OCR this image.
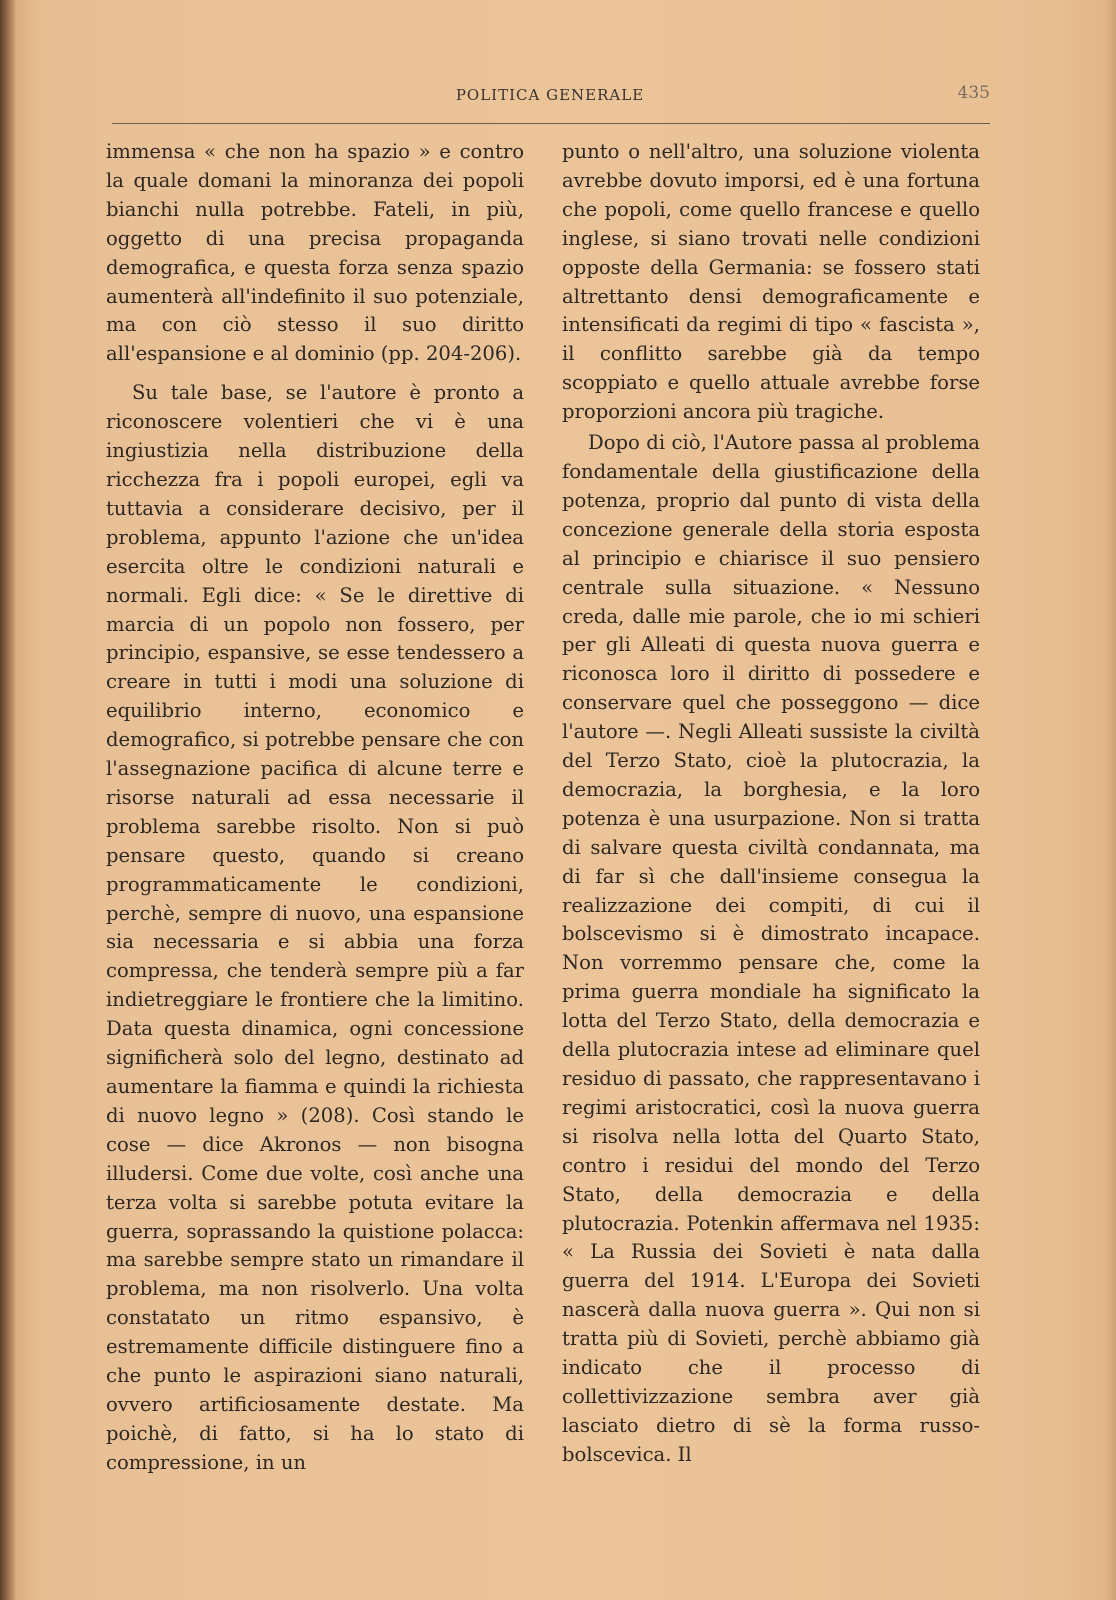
POLITICA GENERALE	435

immensa « che non ha spazio » e contro la quale domani la minoranza dei popoli bianchi nulla potrebbe. Fateli, in più, oggetto di una precisa propaganda demografica, e questa forza senza spazio aumenterà all'indefinito il suo potenziale, ma con ciò stesso il suo diritto all'espansione e al dominio (pp. 204-206).

Su tale base, se l'autore è pronto a riconoscere volentieri che vi è una ingiustizia nella distribuzione della ricchezza fra i popoli europei, egli va tuttavia a considerare decisivo, per il problema, appunto l'azione che un'idea esercita oltre le condizioni naturali e normali. Egli dice: « Se le direttive di marcia di un popolo non fossero, per principio, espansive, se esse tendessero a creare in tutti i modi una soluzione di equilibrio interno, economico e demografico, si potrebbe pensare che con l'assegnazione pacifica di alcune terre e risorse naturali ad essa necessarie il problema sarebbe risolto. Non si può pensare questo, quando si creano programmaticamente le condizioni, perchè, sempre di nuovo, una espansione sia necessaria e si abbia una forza compressa, che tenderà sempre più a far indietreggiare le frontiere che la limitino. Data questa dinamica, ogni concessione significherà solo del legno, destinato ad aumentare la fiamma e quindi la richiesta di nuovo legno » (208). Così stando le cose — dice Akronos — non bisogna illudersi. Come due volte, così anche una terza volta si sarebbe potuta evitare la guerra, soprassando la quistione polacca: ma sarebbe sempre stato un rimandare il problema, ma non risolverlo. Una volta constatato un ritmo espansivo, è estremamente difficile distinguere fino a che punto le aspirazioni siano naturali, ovvero artificiosamente destate. Ma poichè, di fatto, si ha lo stato di compressione, in un

punto o nell'altro, una soluzione violenta avrebbe dovuto imporsi, ed è una fortuna che popoli, come quello francese e quello inglese, si siano trovati nelle condizioni opposte della Germania: se fossero stati altrettanto densi demograficamente e intensificati da regimi di tipo « fascista », il conflitto sarebbe già da tempo scoppiato e quello attuale avrebbe forse proporzioni ancora più tragiche.

Dopo di ciò, l'Autore passa al problema fondamentale della giustificazione della potenza, proprio dal punto di vista della concezione generale della storia esposta al principio e chiarisce il suo pensiero centrale sulla situazione. « Nessuno creda, dalle mie parole, che io mi schieri per gli Alleati di questa nuova guerra e riconosca loro il diritto di possedere e conservare quel che posseggono — dice l'autore —. Negli Alleati sussiste la civiltà del Terzo Stato, cioè la plutocrazia, la democrazia, la borghesia, e la loro potenza è una usurpazione. Non si tratta di salvare questa civiltà condannata, ma di far sì che dall'insieme consegua la realizzazione dei compiti, di cui il bolscevismo si è dimostrato incapace. Non vorremmo pensare che, come la prima guerra mondiale ha significato la lotta del Terzo Stato, della democrazia e della plutocrazia intese ad eliminare quel residuo di passato, che rappresentavano i regimi aristocratici, così la nuova guerra si risolva nella lotta del Quarto Stato, contro i residui del mondo del Terzo Stato, della democrazia e della plutocrazia. Potenkin affermava nel 1935: « La Russia dei Sovieti è nata dalla guerra del 1914. L'Europa dei Sovieti nascerà dalla nuova guerra ». Qui non si tratta più di Sovieti, perchè abbiamo già indicato che il processo di collettivizzazione sembra aver già lasciato dietro di sè la forma russo-bolscevica. Il
